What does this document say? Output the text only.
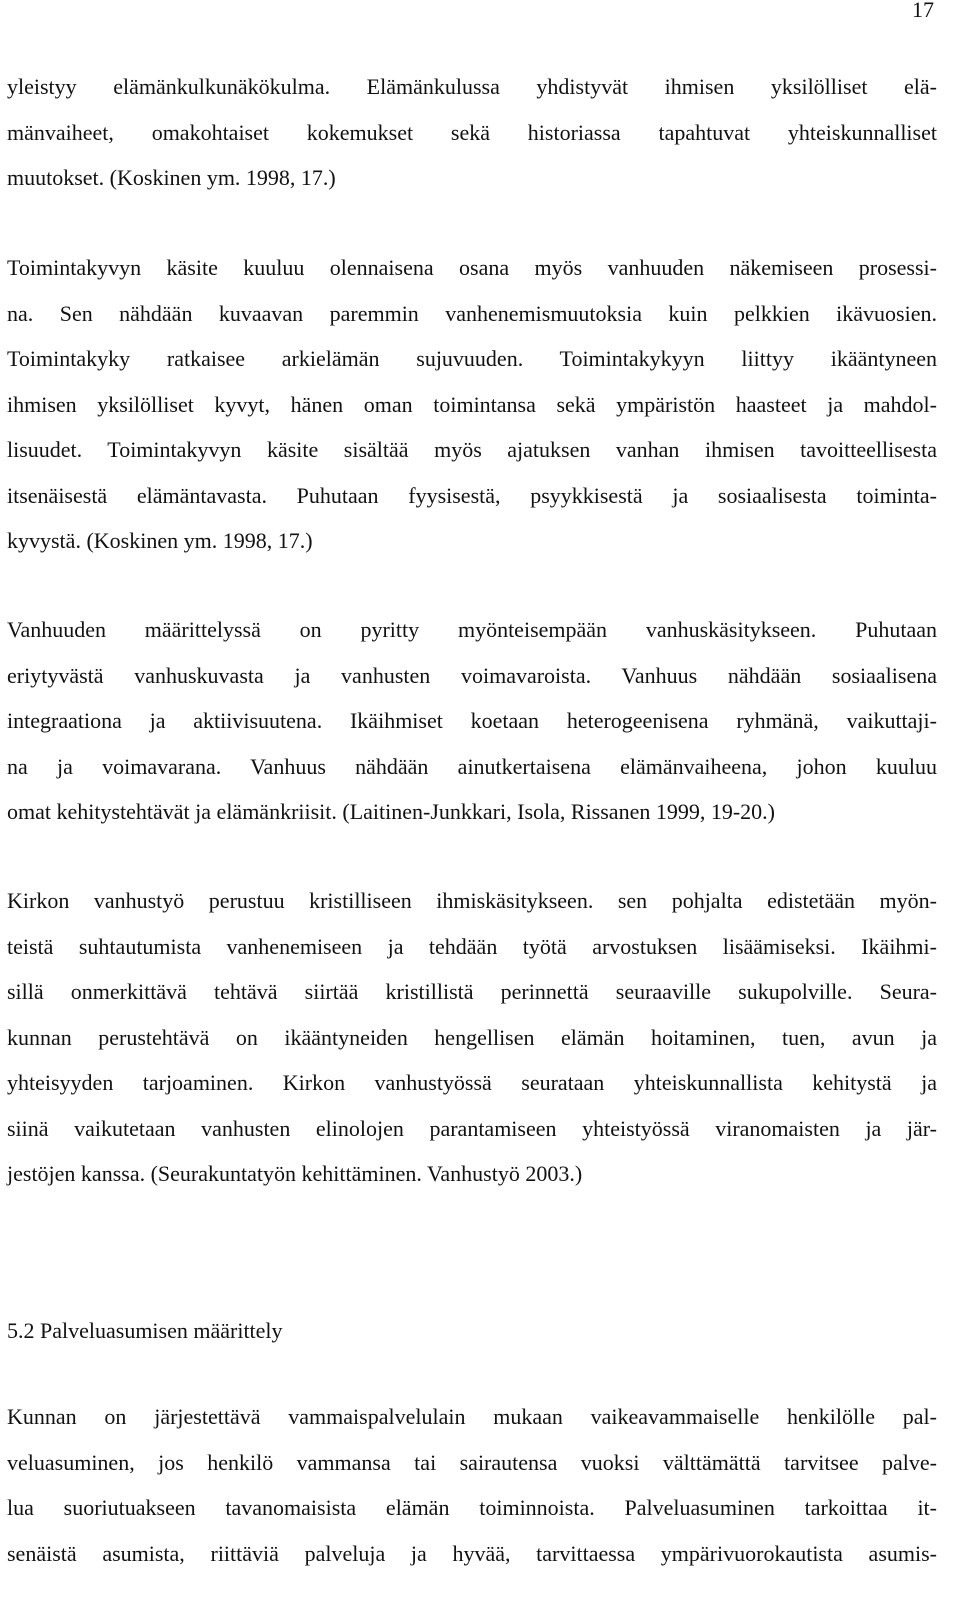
17
yleistyy elämänkulkunäkökulma. Elämänkulussa yhdistyvät ihmisen yksilölliset elä-
mänvaiheet, omakohtaiset kokemukset sekä historiassa tapahtuvat yhteiskunnalliset
muutokset. (Koskinen ym. 1998, 17.)
Toimintakyvyn käsite kuuluu olennaisena osana myös vanhuuden näkemiseen prosessi-
na. Sen nähdään kuvaavan paremmin vanhenemismuutoksia kuin pelkkien ikävuosien.
Toimintakyky ratkaisee arkielämän sujuvuuden. Toimintakykyyn liittyy ikääntyneen
ihmisen yksilölliset kyvyt, hänen oman toimintansa sekä ympäristön haasteet ja mahdol-
lisuudet. Toimintakyvyn käsite sisältää myös ajatuksen vanhan ihmisen tavoitteellisesta
itsenäisestä elämäntavasta. Puhutaan fyysisestä, psyykkisestä ja sosiaalisesta toiminta-
kyvystä. (Koskinen ym. 1998, 17.)
Vanhuuden määrittelyssä on pyritty myönteisempään vanhuskäsitykseen. Puhutaan
eriytyvästä vanhuskuvasta ja vanhusten voimavaroista. Vanhuus nähdään sosiaalisena
integraationa ja aktiivisuutena. Ikäihmiset koetaan heterogeenisena ryhmänä, vaikuttaji-
na ja voimavarana. Vanhuus nähdään ainutkertaisena elämänvaiheena, johon kuuluu
omat kehitystehtävät ja elämänkriisit. (Laitinen-Junkkari, Isola, Rissanen 1999, 19-20.)
Kirkon vanhustyö perustuu kristilliseen ihmiskäsitykseen. sen pohjalta edistetään myön-
teistä suhtautumista vanhenemiseen ja tehdään työtä arvostuksen lisäämiseksi. Ikäihmi-
sillä onmerkittävä tehtävä siirtää kristillistä perinnettä seuraaville sukupolville. Seura-
kunnan perustehtävä on ikääntyneiden hengellisen elämän hoitaminen, tuen, avun ja
yhteisyyden tarjoaminen. Kirkon vanhustyössä seurataan yhteiskunnallista kehitystä ja
siinä vaikutetaan vanhusten elinolojen parantamiseen yhteistyössä viranomaisten ja jär-
jestöjen kanssa. (Seurakuntatyön kehittäminen. Vanhustyö 2003.)
5.2 Palveluasumisen määrittely
Kunnan on järjestettävä vammaispalvelulain mukaan vaikeavammaiselle henkilölle pal-
veluasuminen, jos henkilö vammansa tai sairautensa vuoksi välttämättä tarvitsee palve-
lua suoriutuakseen tavanomaisista elämän toiminnoista. Palveluasuminen tarkoittaa it-
senäistä asumista, riittäviä palveluja ja hyvää, tarvittaessa ympärivuorokautista asumis-
